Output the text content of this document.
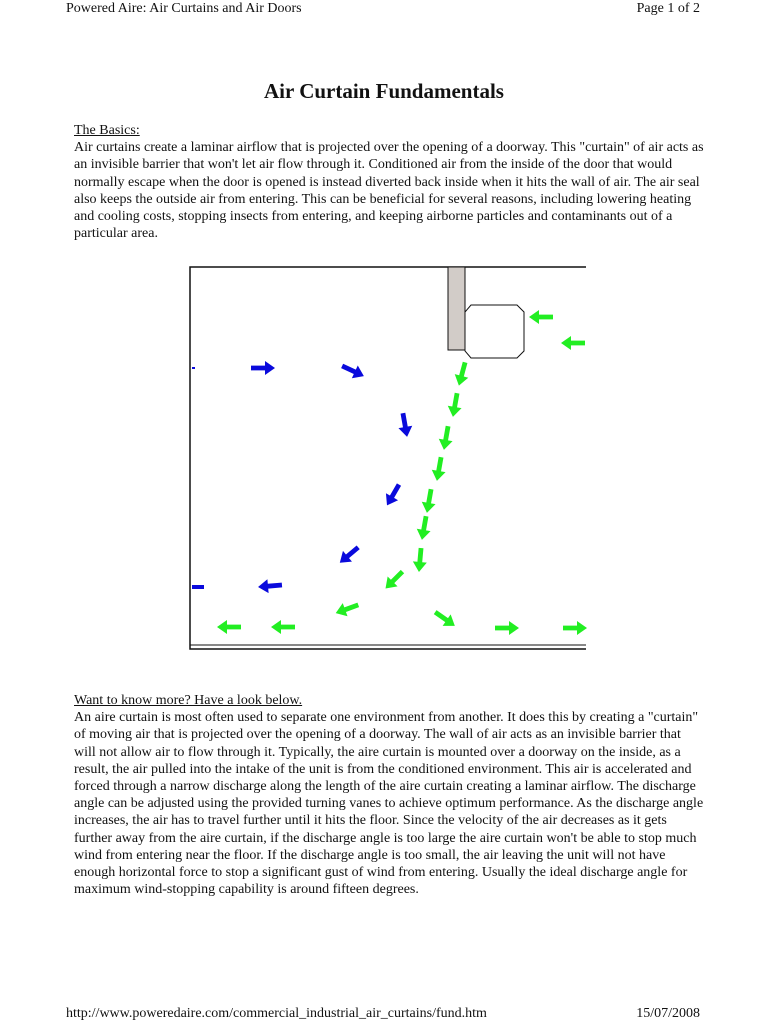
Powered Aire: Air Curtains and Air Doors	Page 1 of 2
Air Curtain Fundamentals
The Basics:
Air curtains create a laminar airflow that is projected over the opening of a doorway. This "curtain" of air acts as an invisible barrier that won't let air flow through it. Conditioned air from the inside of the door that would normally escape when the door is opened is instead diverted back inside when it hits the wall of air. The air seal also keeps the outside air from entering. This can be beneficial for several reasons, including lowering heating and cooling costs, stopping insects from entering, and keeping airborne particles and contaminants out of a particular area.
Want to know more? Have a look below.
An aire curtain is most often used to separate one environment from another. It does this by creating a "curtain" of moving air that is projected over the opening of a doorway. The wall of air acts as an invisible barrier that will not allow air to flow through it. Typically, the aire curtain is mounted over a doorway on the inside, as a result, the air pulled into the intake of the unit is from the conditioned environment. This air is accelerated and forced through a narrow discharge along the length of the aire curtain creating a laminar airflow. The discharge angle can be adjusted using the provided turning vanes to achieve optimum performance. As the discharge angle increases, the air has to travel further until it hits the floor. Since the velocity of the air decreases as it gets further away from the aire curtain, if the discharge angle is too large the aire curtain won't be able to stop much wind from entering near the floor. If the discharge angle is too small, the air leaving the unit will not have enough horizontal force to stop a significant gust of wind from entering. Usually the ideal discharge angle for maximum wind-stopping capability is around fifteen degrees.
http://www.poweredaire.com/commercial_industrial_air_curtains/fund.htm	15/07/2008
